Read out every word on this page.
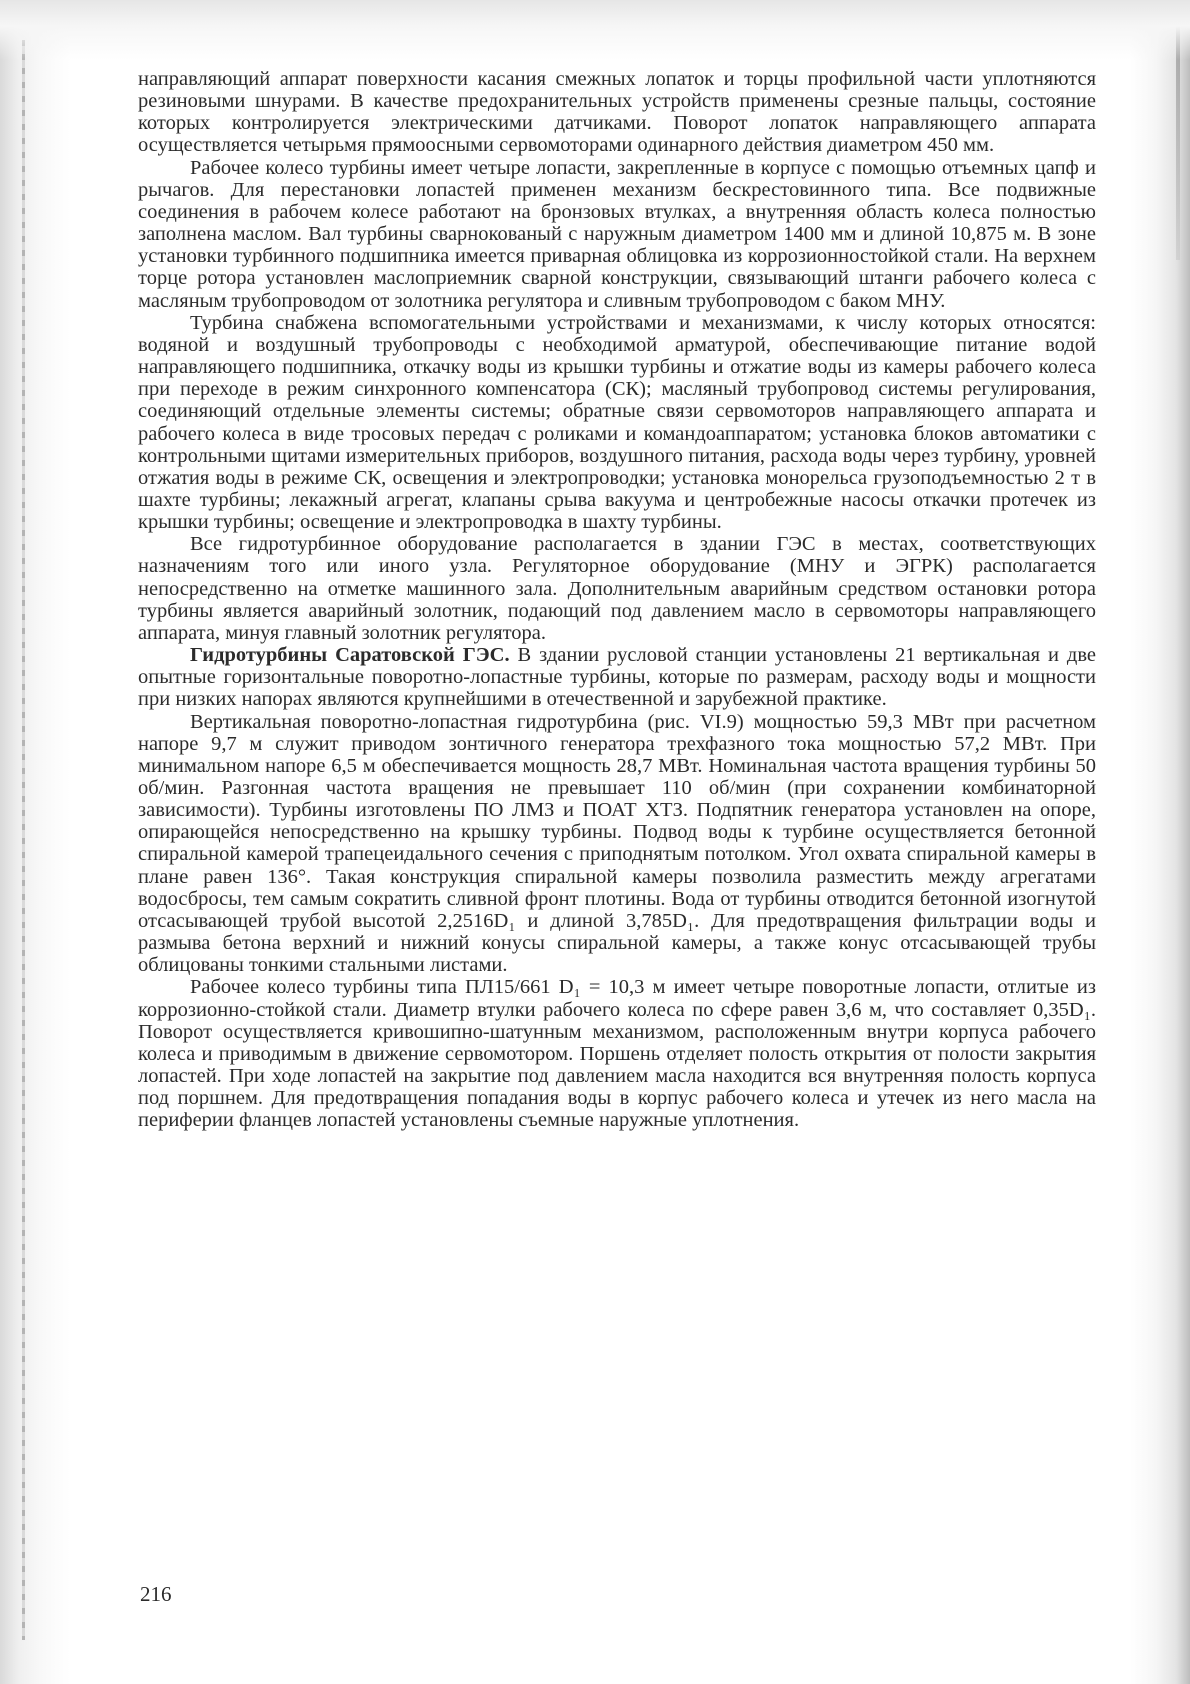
направляющий аппарат поверхности касания смежных лопаток и торцы профильной части уплотняются резиновыми шнурами. В качестве предохранительных устройств применены срезные пальцы, состояние которых контролируется электрическими датчиками. Поворот лопаток направляющего аппарата осуществляется четырьмя прямоосными сервомоторами одинарного действия диаметром 450 мм.

Рабочее колесо турбины имеет четыре лопасти, закрепленные в корпусе с помощью отъемных цапф и рычагов. Для перестановки лопастей применен механизм бескрестовинного типа. Все подвижные соединения в рабочем колесе работают на бронзовых втулках, а внутренняя область колеса полностью заполнена маслом. Вал турбины сварнокованый с наружным диаметром 1400 мм и длиной 10,875 м. В зоне установки турбинного подшипника имеется приварная облицовка из коррозионностойкой стали. На верхнем торце ротора установлен маслоприемник сварной конструкции, связывающий штанги рабочего колеса с масляным трубопроводом от золотника регулятора и сливным трубопроводом с баком МНУ.

Турбина снабжена вспомогательными устройствами и механизмами, к числу которых относятся: водяной и воздушный трубопроводы с необходимой арматурой, обеспечивающие питание водой направляющего подшипника, откачку воды из крышки турбины и отжатие воды из камеры рабочего колеса при переходе в режим синхронного компенсатора (СК); масляный трубопровод системы регулирования, соединяющий отдельные элементы системы; обратные связи сервомоторов направляющего аппарата и рабочего колеса в виде тросовых передач с роликами и командоаппаратом; установка блоков автоматики с контрольными щитами измерительных приборов, воздушного питания, расхода воды через турбину, уровней отжатия воды в режиме СК, освещения и электропроводки; установка монорельса грузоподъемностью 2 т в шахте турбины; лекажный агрегат, клапаны срыва вакуума и центробежные насосы откачки протечек из крышки турбины; освещение и электропроводка в шахту турбины.

Все гидротурбинное оборудование располагается в здании ГЭС в местах, соответствующих назначениям того или иного узла. Регуляторное оборудование (МНУ и ЭГРК) располагается непосредственно на отметке машинного зала. Дополнительным аварийным средством остановки ротора турбины является аварийный золотник, подающий под давлением масло в сервомоторы направляющего аппарата, минуя главный золотник регулятора.

Гидротурбины Саратовской ГЭС. В здании русловой станции установлены 21 вертикальная и две опытные горизонтальные поворотно-лопастные турбины, которые по размерам, расходу воды и мощности при низких напорах являются крупнейшими в отечественной и зарубежной практике.

Вертикальная поворотно-лопастная гидротурбина (рис. VI.9) мощностью 59,3 МВт при расчетном напоре 9,7 м служит приводом зонтичного генератора трехфазного тока мощностью 57,2 МВт. При минимальном напоре 6,5 м обеспечивается мощность 28,7 МВт. Номинальная частота вращения турбины 50 об/мин. Разгонная частота вращения не превышает 110 об/мин (при сохранении комбинаторной зависимости). Турбины изготовлены ПО ЛМЗ и ПОАТ ХТЗ. Подпятник генератора установлен на опоре, опирающейся непосредственно на крышку турбины. Подвод воды к турбине осуществляется бетонной спиральной камерой трапецеидального сечения с приподнятым потолком. Угол охвата спиральной камеры в плане равен 136°. Такая конструкция спиральной камеры позволила разместить между агрегатами водосбросы, тем самым сократить сливной фронт плотины. Вода от турбины отводится бетонной изогнутой отсасывающей трубой высотой 2,2516D₁ и длиной 3,785D₁. Для предотвращения фильтрации воды и размыва бетона верхний и нижний конусы спиральной камеры, а также конус отсасывающей трубы облицованы тонкими стальными листами.

Рабочее колесо турбины типа ПЛ15/661 D₁ = 10,3 м имеет четыре поворотные лопасти, отлитые из коррозионно-стойкой стали. Диаметр втулки рабочего колеса по сфере равен 3,6 м, что составляет 0,35D₁. Поворот осуществляется кривошипно-шатунным механизмом, расположенным внутри корпуса рабочего колеса и приводимым в движение сервомотором. Поршень отделяет полость открытия от полости закрытия лопастей. При ходе лопастей на закрытие под давлением масла находится вся внутренняя полость корпуса под поршнем. Для предотвращения попадания воды в корпус рабочего колеса и утечек из него масла на периферии фланцев лопастей установлены съемные наружные уплотнения.

216
